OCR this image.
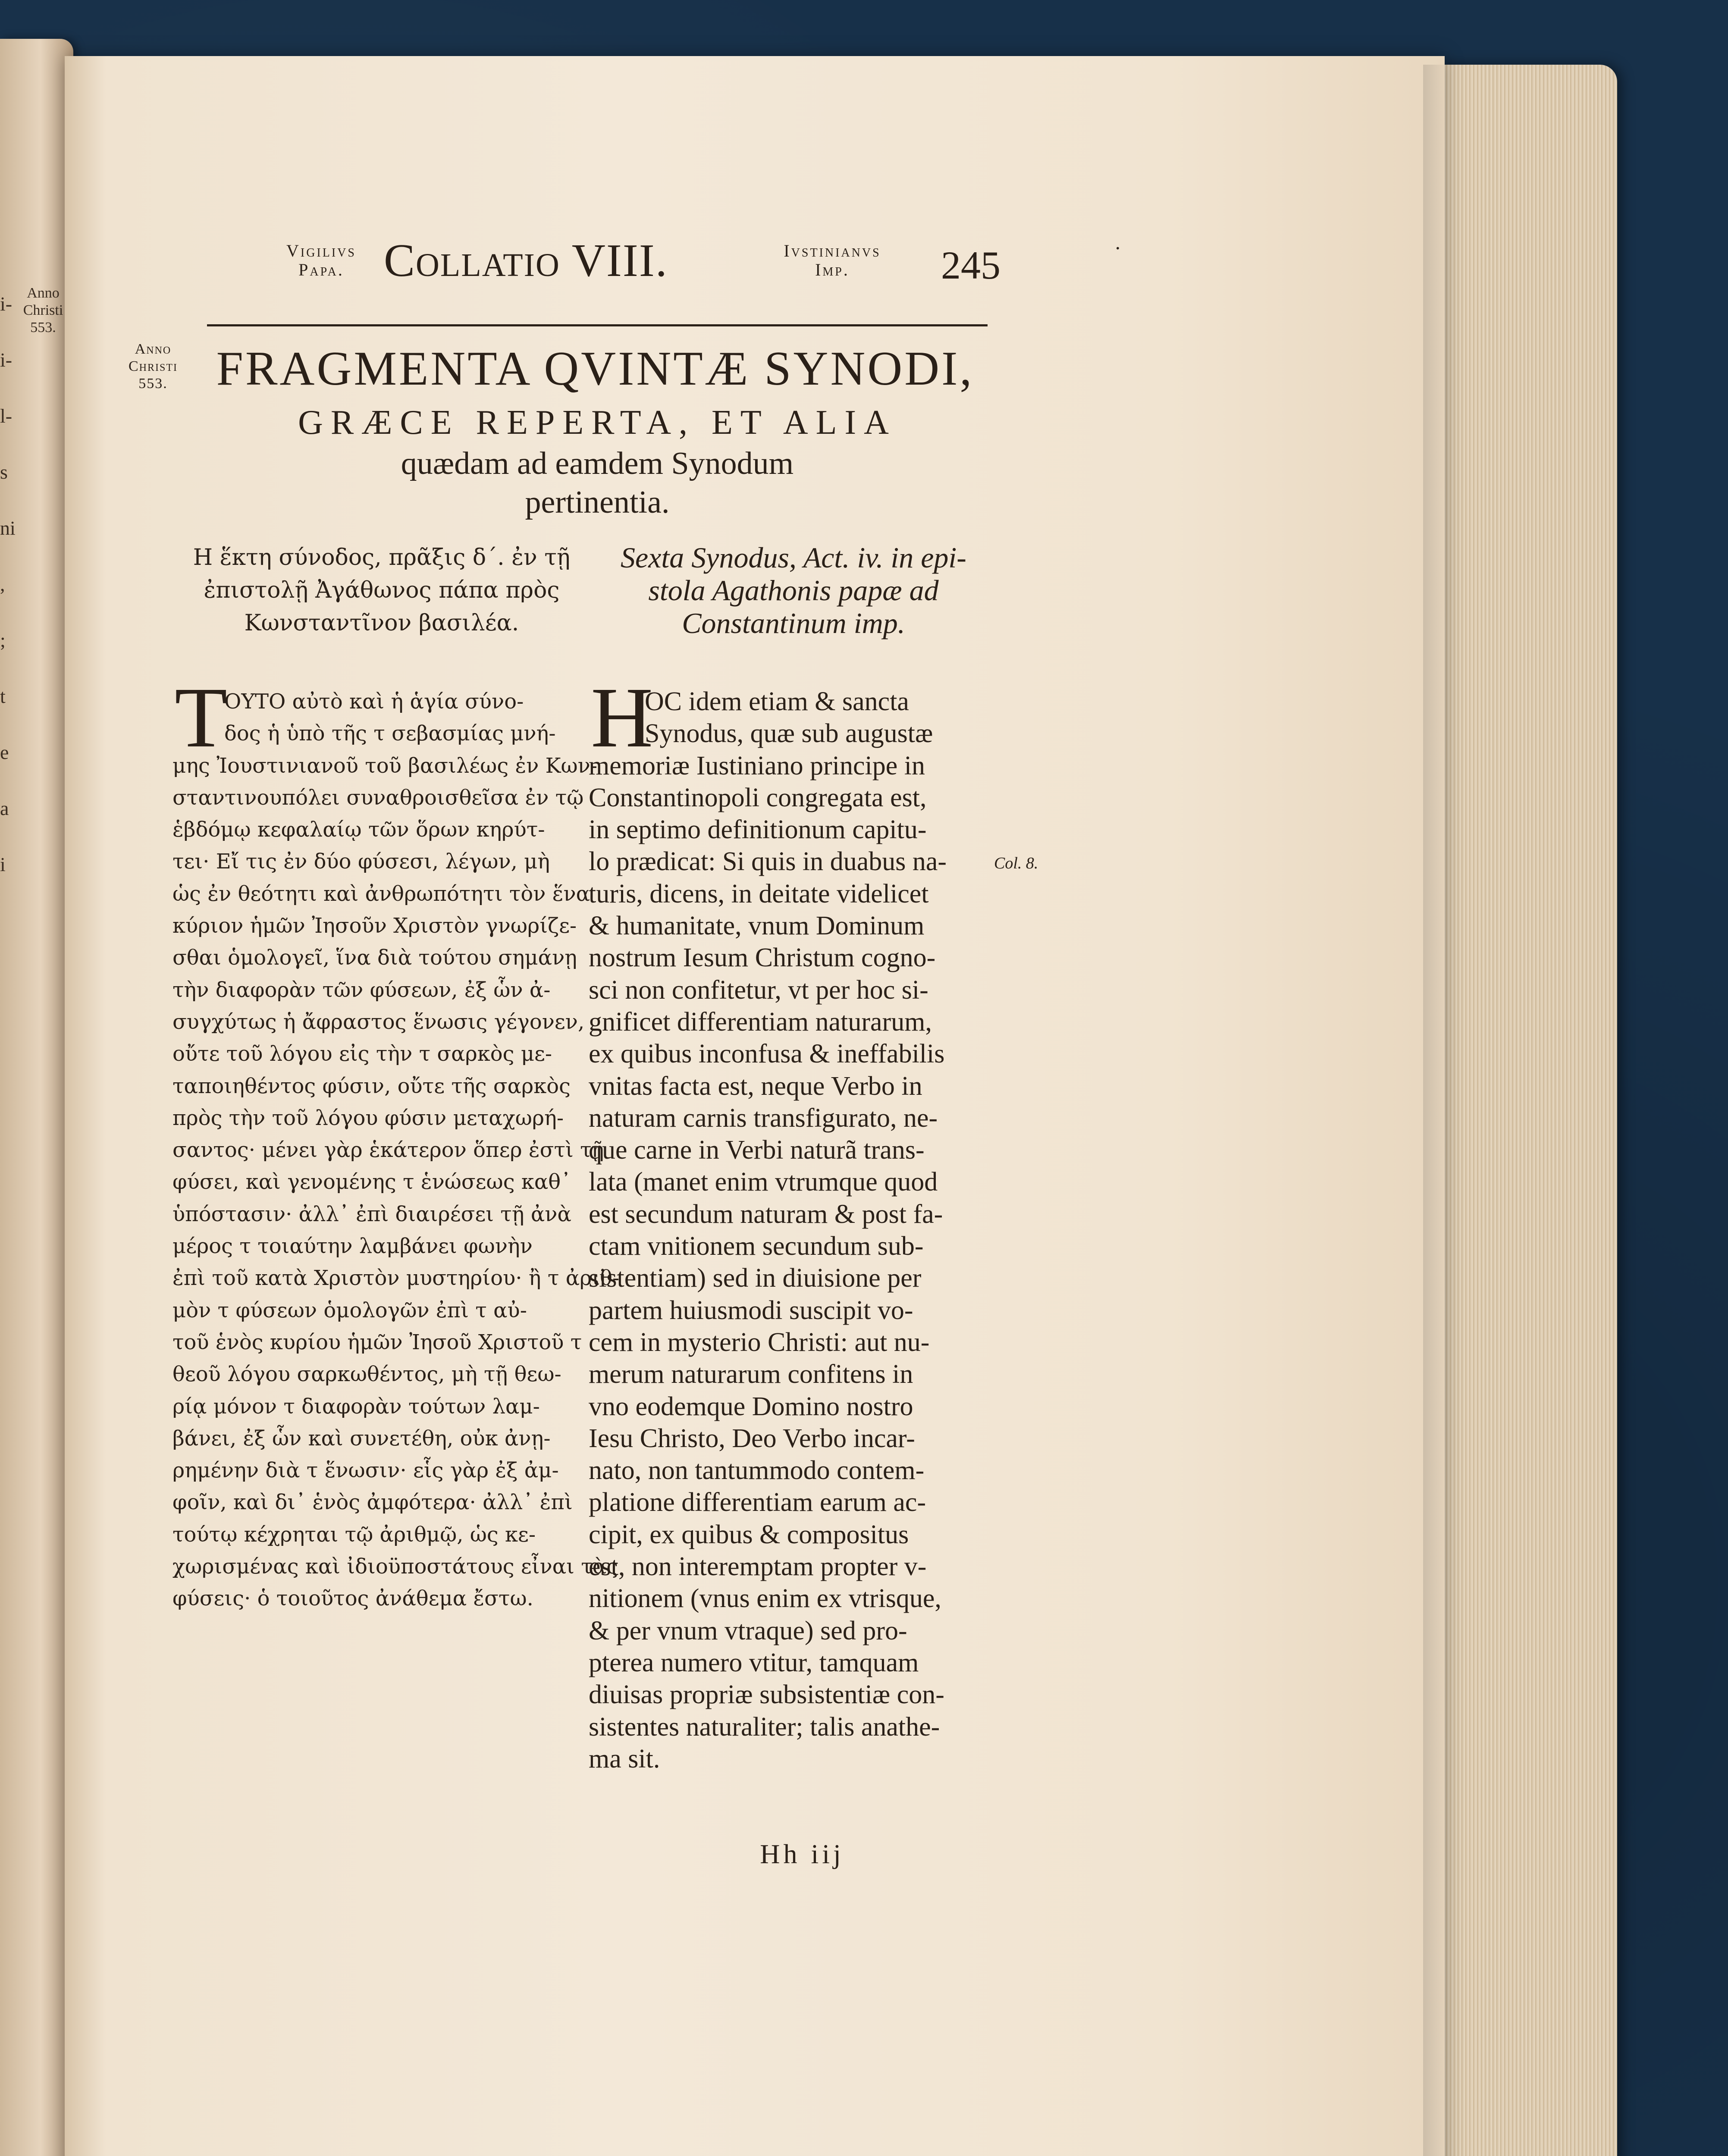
Anno
Christi
553.
i-
i-
l-
s
ni
,
;
t
e
a
i
·
Vigilivs
Papa. Collatio VIII.	Ivstinianvs
Imp.	245
Anno
Christi
553.	FRAGMENTA QVINTÆ SYNODI,
GRÆCE REPERTA, ET ALIA
quædam ad eamdem Synodum
pertinentia.
Η ἕκτη σύνοδος, πρᾶξις δ΄. ἐν τῇ
ἐπιστολῇ Ἀγάθωνος πάπα πρὸς
Κωνσταντῖνον βασιλέα.
Sexta Synodus, Act. iv. in epi-
stola Agathonis papæ ad
Constantinum imp.
Τ	H
ΟΥΤΟ αὐτὸ καὶ ἡ ἁγία σύνο-
δος ἡ ὑπὸ τῆς τ σεβασμίας μνή-
μης Ἰουστινιανοῦ τοῦ βασιλέως ἐν Κων-
σταντινουπόλει συναθροισθεῖσα ἐν τῷ
ἑβδόμῳ κεφαλαίῳ τῶν ὅρων κηρύτ-
τει· Εἴ τις ἐν δύο φύσεσι, λέγων, μὴ
ὡς ἐν θεότητι καὶ ἀνθρωπότητι τὸν ἕνα
κύριον ἡμῶν Ἰησοῦν Χριστὸν γνωρίζε-
σθαι ὁμολογεῖ, ἵνα διὰ τούτου σημάνῃ
τὴν διαφορὰν τῶν φύσεων, ἐξ ὧν ἀ-
συγχύτως ἡ ἄφραστος ἕνωσις γέγονεν,
οὔτε τοῦ λόγου εἰς τὴν τ σαρκὸς με-
ταποιηθέντος φύσιν, οὔτε τῆς σαρκὸς
πρὸς τὴν τοῦ λόγου φύσιν μεταχωρή-
σαντος· μένει γὰρ ἑκάτερον ὅπερ ἐστὶ τῇ
φύσει, καὶ γενομένης τ ἑνώσεως καθ᾿
ὑπόστασιν· ἀλλ᾿ ἐπὶ διαιρέσει τῇ ἀνὰ
μέρος τ τοιαύτην λαμβάνει φωνὴν
ἐπὶ τοῦ κατὰ Χριστὸν μυστηρίου· ἢ τ ἀριθ-
μὸν τ φύσεων ὁμολογῶν ἐπὶ τ αὐ-
τοῦ ἑνὸς κυρίου ἡμῶν Ἰησοῦ Χριστοῦ τ
θεοῦ λόγου σαρκωθέντος, μὴ τῇ θεω-
ρίᾳ μόνον τ διαφορὰν τούτων λαμ-
βάνει, ἐξ ὧν καὶ συνετέθη, οὐκ ἀνῃ-
ρημένην διὰ τ ἕνωσιν· εἷς γὰρ ἐξ ἀμ-
φοῖν, καὶ δι᾿ ἑνὸς ἀμφότερα· ἀλλ᾿ ἐπὶ
τούτῳ κέχρηται τῷ ἀριθμῷ, ὡς κε-
χωρισμένας καὶ ἰδιοϋποστάτους εἶναι τὰς
φύσεις· ὁ τοιοῦτος ἀνάθεμα ἔστω.
OC idem etiam & sancta
Synodus, quæ sub augustæ
memoriæ Iustiniano principe in
Constantinopoli congregata est,
in septimo definitionum capitu-
lo prædicat: Si quis in duabus na-
turis, dicens, in deitate videlicet
& humanitate, vnum Dominum
nostrum Iesum Christum cogno-
sci non confitetur, vt per hoc si-
gnificet differentiam naturarum,
ex quibus inconfusa & ineffabilis
vnitas facta est, neque Verbo in
naturam carnis transfigurato, ne-
que carne in Verbi naturã trans-
lata (manet enim vtrumque quod
est secundum naturam & post fa-
ctam vnitionem secundum sub-
sistentiam) sed in diuisione per
partem huiusmodi suscipit vo-
cem in mysterio Christi: aut nu-
merum naturarum confitens in
vno eodemque Domino nostro
Iesu Christo, Deo Verbo incar-
nato, non tantummodo contem-
platione differentiam earum ac-
cipit, ex quibus & compositus
est, non interemptam propter v-
nitionem (vnus enim ex vtrisque,
& per vnum vtraque) sed pro-
pterea numero vtitur, tamquam
diuisas propriæ subsistentiæ con-
sistentes naturaliter; talis anathe-
ma sit.
Col. 8.
Hh iij
